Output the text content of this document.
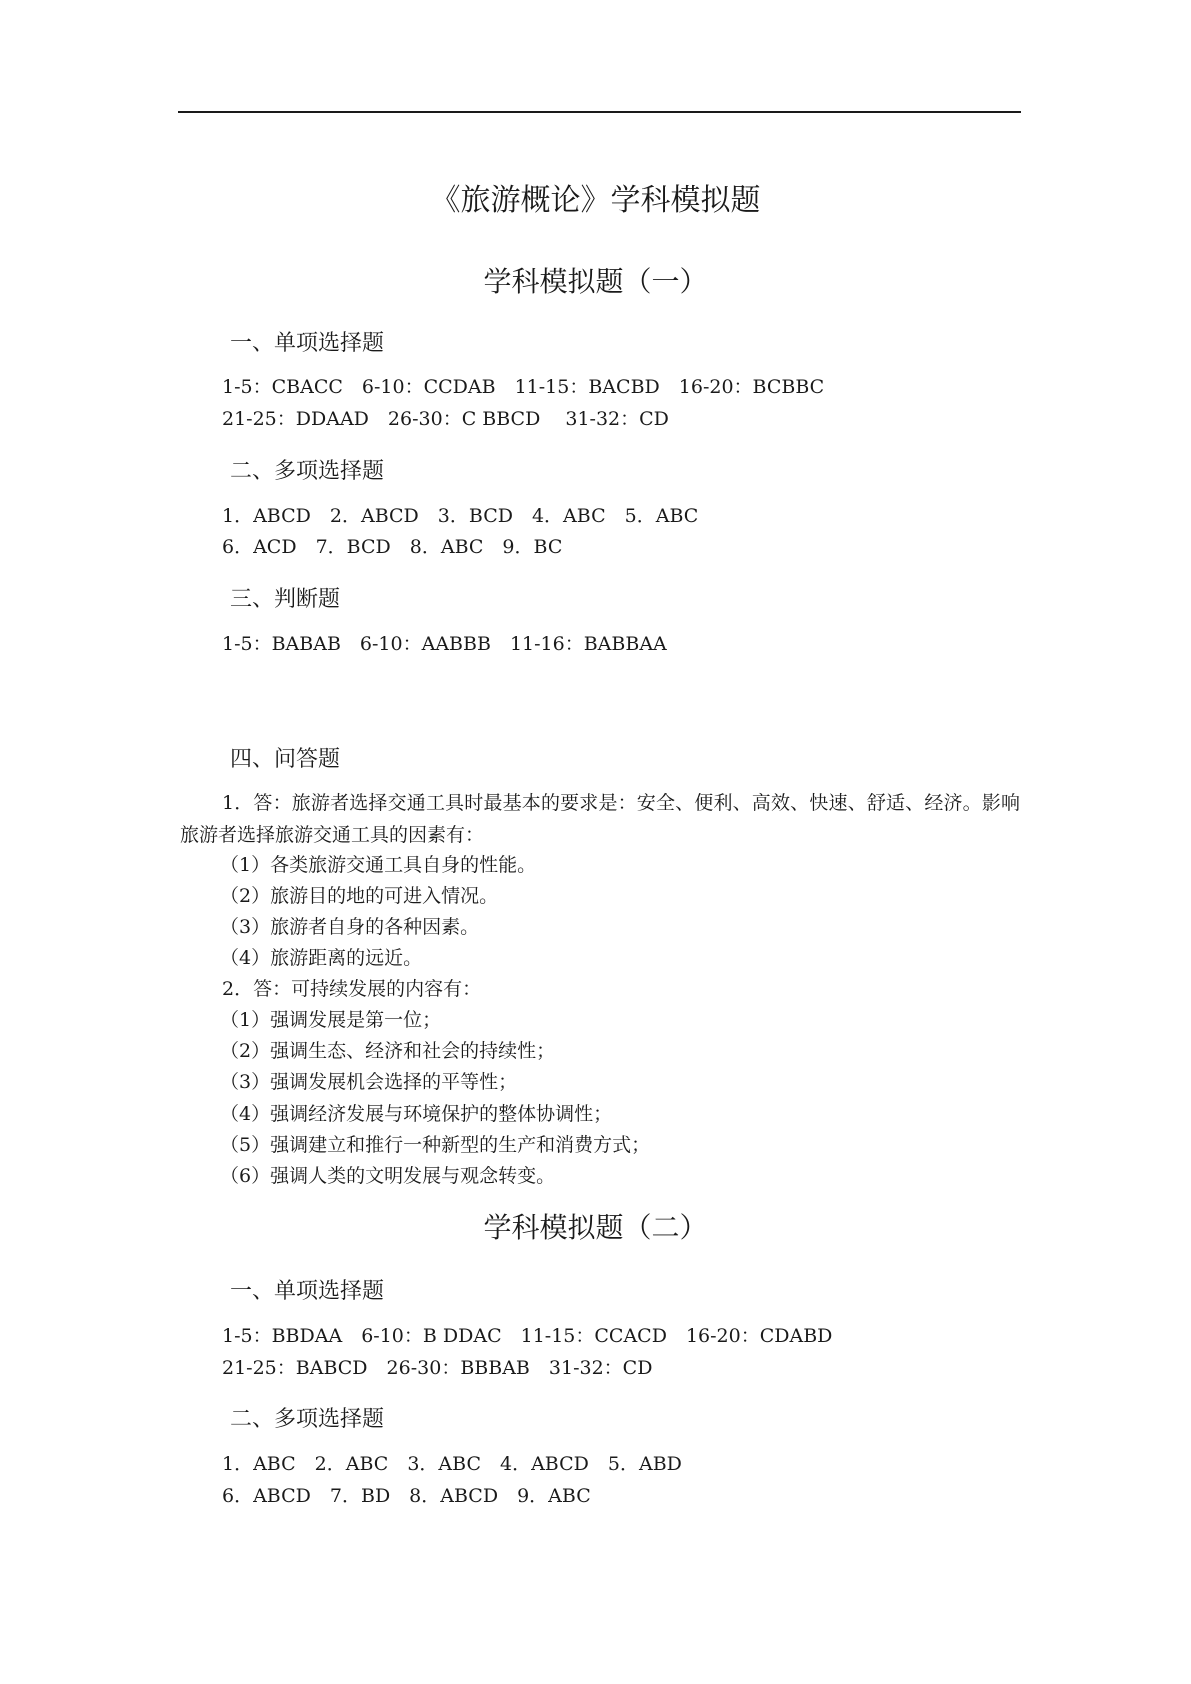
《旅游概论》学科模拟题
学科模拟题（一）
一、单项选择题

1-5：CBACC　6-10：CCDAB　11-15：BACBD　16-20：BCBBC

21-25：DDAAD　26-30：C BBCD　 31-32：CD

二、多项选择题

1．ABCD　2．ABCD　3．BCD　4．ABC　5．ABC

6．ACD　7．BCD　8．ABC　9．BC

三、判断题

1-5：BABAB　6-10：AABBB　11-16：BABBAA

四、问答题

1．答：旅游者选择交通工具时最基本的要求是：安全、便利、高效、快速、舒适、经济。影响旅游者选择旅游交通工具的因素有：

（1）各类旅游交通工具自身的性能。

（2）旅游目的地的可进入情况。

（3）旅游者自身的各种因素。

（4）旅游距离的远近。

2．答：可持续发展的内容有：

（1）强调发展是第一位；

（2）强调生态、经济和社会的持续性；

（3）强调发展机会选择的平等性；

（4）强调经济发展与环境保护的整体协调性；

（5）强调建立和推行一种新型的生产和消费方式；

（6）强调人类的文明发展与观念转变。

学科模拟题（二）
一、单项选择题

1-5：BBDAA　6-10：B DDAC　11-15：CCACD　16-20：CDABD

21-25：BABCD　26-30：BBBAB　31-32：CD

二、多项选择题

1．ABC　2．ABC　3．ABC　4．ABCD　5．ABD

6．ABCD　7．BD　8．ABCD　9．ABC
